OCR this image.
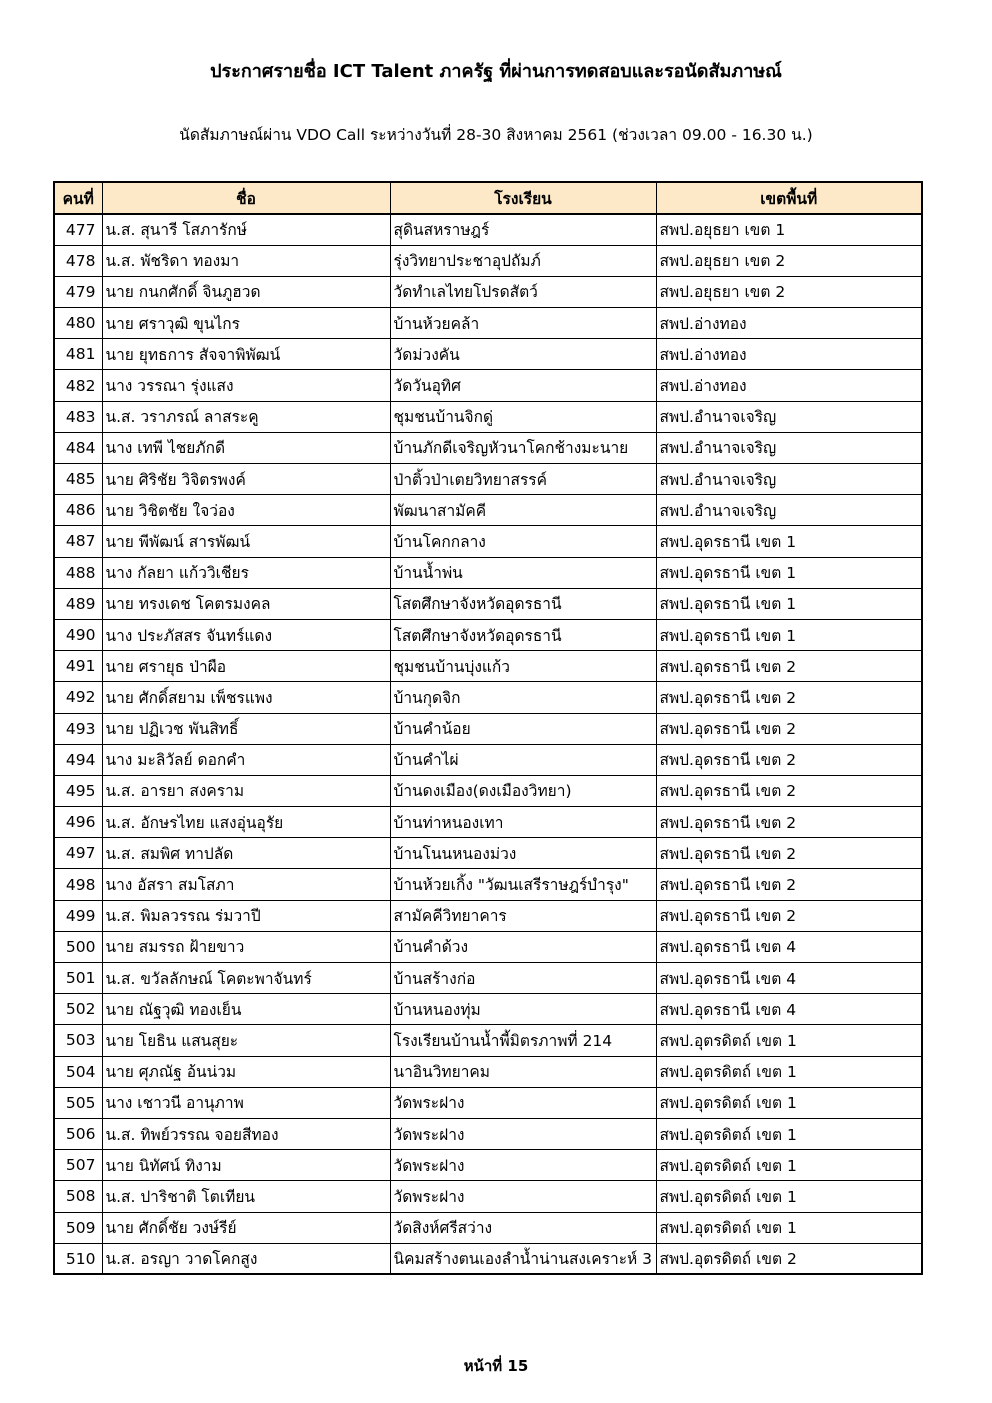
ประกาศรายชื่อ ICT Talent ภาครัฐ ที่ผ่านการทดสอบและรอนัดสัมภาษณ์
นัดสัมภาษณ์ผ่าน VDO Call ระหว่างวันที่ 28-30 สิงหาคม 2561 (ช่วงเวลา 09.00 - 16.30 น.)
คนที่	ชื่อ	โรงเรียน	เขตพื้นที่
477	น.ส. สุนารี โสภารักษ์	สุดินสหราษฎร์	สพป.อยุธยา เขต 1
478	น.ส. พัชริดา ทองมา	รุ่งวิทยาประชาอุปถัมภ์	สพป.อยุธยา เขต 2
479	นาย กนกศักดิ์ จินภูฮวด	วัดทำเลไทยโปรดสัตว์	สพป.อยุธยา เขต 2
480	นาย ศราวุฒิ ขุนไกร	บ้านห้วยคล้า	สพป.อ่างทอง
481	นาย ยุทธการ สัจจาพิพัฒน์	วัดม่วงคัน	สพป.อ่างทอง
482	นาง วรรณา รุ่งแสง	วัดวันอุทิศ	สพป.อ่างทอง
483	น.ส. วราภรณ์ ลาสระคู	ชุมชนบ้านจิกดู่	สพป.อำนาจเจริญ
484	นาง เทพี ไชยภักดี	บ้านภักดีเจริญหัวนาโคกช้างมะนาย	สพป.อำนาจเจริญ
485	นาย ศิริชัย วิจิตรพงค์	ป่าติ้วป่าเตยวิทยาสรรค์	สพป.อำนาจเจริญ
486	นาย วิชิตชัย ใจว่อง	พัฒนาสามัคคี	สพป.อำนาจเจริญ
487	นาย พีพัฒน์ สารพัฒน์	บ้านโคกกลาง	สพป.อุดรธานี เขต 1
488	นาง กัลยา แก้ววิเชียร	บ้านน้ำพ่น	สพป.อุดรธานี เขต 1
489	นาย ทรงเดช โคตรมงคล	โสตศึกษาจังหวัดอุดรธานี	สพป.อุดรธานี เขต 1
490	นาง ประภัสสร จันทร์แดง	โสตศึกษาจังหวัดอุดรธานี	สพป.อุดรธานี เขต 1
491	นาย ศรายุธ ป่าผือ	ชุมชนบ้านบุ่งแก้ว	สพป.อุดรธานี เขต 2
492	นาย ศักดิ์สยาม เพ็ชรแพง	บ้านกุดจิก	สพป.อุดรธานี เขต 2
493	นาย ปฏิเวช พันสิทธิ์	บ้านคำน้อย	สพป.อุดรธานี เขต 2
494	นาง มะลิวัลย์ ดอกคำ	บ้านคำไผ่	สพป.อุดรธานี เขต 2
495	น.ส. อารยา สงคราม	บ้านดงเมือง(ดงเมืองวิทยา)	สพป.อุดรธานี เขต 2
496	น.ส. อักษรไทย แสงอุ่นอุรัย	บ้านท่าหนองเทา	สพป.อุดรธานี เขต 2
497	น.ส. สมพิศ ทาปลัด	บ้านโนนหนองม่วง	สพป.อุดรธานี เขต 2
498	นาง อัสรา สมโสภา	บ้านห้วยเกิ้ง "วัฒนเสรีราษฎร์บำรุง"	สพป.อุดรธานี เขต 2
499	น.ส. พิมลวรรณ ร่มวาปี	สามัคคีวิทยาคาร	สพป.อุดรธานี เขต 2
500	นาย สมรรถ ฝ้ายขาว	บ้านคำด้วง	สพป.อุดรธานี เขต 4
501	น.ส. ขวัลลักษณ์ โคตะพาจันทร์	บ้านสร้างก่อ	สพป.อุดรธานี เขต 4
502	นาย ณัฐวุฒิ ทองเย็น	บ้านหนองทุ่ม	สพป.อุดรธานี เขต 4
503	นาย โยธิน แสนสุยะ	โรงเรียนบ้านน้ำพี้มิตรภาพที่ 214	สพป.อุตรดิตถ์ เขต 1
504	นาย ศุภณัฐ อ้นน่วม	นาอินวิทยาคม	สพป.อุตรดิตถ์ เขต 1
505	นาง เชาวนี อานุภาพ	วัดพระฝาง	สพป.อุตรดิตถ์ เขต 1
506	น.ส. ทิพย์วรรณ จอยสีทอง	วัดพระฝาง	สพป.อุตรดิตถ์ เขต 1
507	นาย นิทัศน์ ทิงาม	วัดพระฝาง	สพป.อุตรดิตถ์ เขต 1
508	น.ส. ปาริชาติ โตเทียน	วัดพระฝาง	สพป.อุตรดิตถ์ เขต 1
509	นาย ศักดิ์ชัย วงษ์รีย์	วัดสิงห์ศรีสว่าง	สพป.อุตรดิตถ์ เขต 1
510	น.ส. อรญา วาดโคกสูง	นิคมสร้างตนเองลำน้ำน่านสงเคราะห์ 3	สพป.อุตรดิตถ์ เขต 2
หน้าที่ 15
